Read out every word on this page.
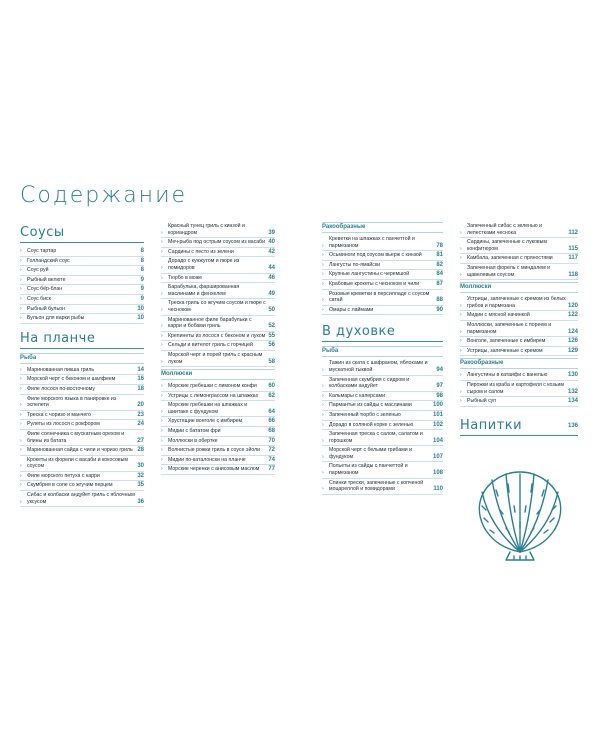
Содержание
Соусы
›	Соус тартар	8
›	Голландский соус	8
›	Соус руй	8
›	Рыбный велюте	9
›	Соус бёр-блан	9
›	Соус биск	9
›	Рыбный бульон	10
›	Бульон для варки рыбы	10
На планче
Рыба
›	Маринованная пикша гриль	14
›	Морской черт с беконом и шалфеем	16
›	Филе лосося по-восточному	18
›
Филе морского языка в панировке из эспелети	20
›	Треска с чоризо и манчего	23
›	Рулеты из лосося с рокфором	24
›
Филе солнечника с мускатным орехом и блины из батата	27
›	Маринованная сайда с чили и чоризо гриль 28
›
Крокеты из форели с васаби и кокосовым соусом	30
›	Филе морского петуха с карри	32
›	Скумбрия в соле со жгучим перцем	35
›
Сибас и колбаски андуйет гриль с яблочным уксусом	36
›
Красный тунец гриль с кинзой и кориандром	39
›	Меч-рыба под острым соусом из васаби 40
›	Сардины с песто из зелени	42
›
Дорадо с кунжутом и пюре из помидоров	44
›	Тюрбо в може	46
›
Барабулька, фаршированная маслинами и фенхелем	49
›
Треска гриль со жгучим соусом и пюре с чесноком	50
›
Маринованное филе барабульки с карри и бобами гриль	52
›	Крепинеты из лосося с беконом и луком 55
›	Сельди и вителот гриль с горчицей	56
›
Морской черт и порей гриль с красным луком	58
Моллюски
›	Морские гребешки с лимоном конфи	60
›	Устрицы с лемонграссом на шпажках	62
›
Морские гребешки на шпажках и шиитаке с фундуком	64
›	Хрустящие вонголе с имбирем	66
›	Мидии с бататом фри	68
›	Моллюски в обертке	70
›	Волнистые рожки гриль в соусе эйоли	72
›	Мидии по-каталонски на планче	74
›	Морские черенки с анисовым маслом	77
Ракообразные
›
Креветки на шпажках с панчеттой и пармезаном	78
›	Осьминоги под соусом вьерж с кинзой	81
›	Лангусты по-ямайски	82
›	Крупные лангустины с черемшой	84
›	Крабовые крокеты с чесноком и чили	87
›
Розовые креветки в персилладе с соусом сатай	88
›	Омары с лаймами	90
В духовке
Рыба
›
Тажин из ската с шафраном, яблоками и мускатной тыквой	94
›
Запеченная скумбрия с сидром и колбасками андуйет	97
›	Кальмары с каперсами	98
›	Пармантье из сайды с маслинами	100
›	Запеченный тюрбо с зеленью	101
›	Дорадо в соляной корке с зеленью	102
›
Запеченная треска с салом, салатом и горошком	104
›
Морской черт с белыми грибами и фундуком	107
›
Польеты из сайды с панчеттой и пармезаном	108
›
Спинки трески, запеченные с копченой моцареллой и помидорами	110
›
Запеченный сибас с зеленью и лепестками чеснока	112
›
Сардины, запеченные с луковым конфитюром	115
›	Камбала, запеченная с пряностями	117
›
Запеченная форель с миндалем и щавелевым соусом	118
Моллюски
›
Устрицы, запеченные с кремом из белых грибов и пармезана	120
›	Мидии с мясной начинкой	122
›
Моллюски, запеченные с пореем и пармезаном	124
›	Вонголе, запеченные с имбирем	126
›	Устрицы, запеченные с кремом	129
Ракообразные
›	Лангустины в катаифи с ванелью	130
›
Пирожки из краба и картофеля с козьим сыром и салом	132
›	Рыбный суп	134
Напитки	136
